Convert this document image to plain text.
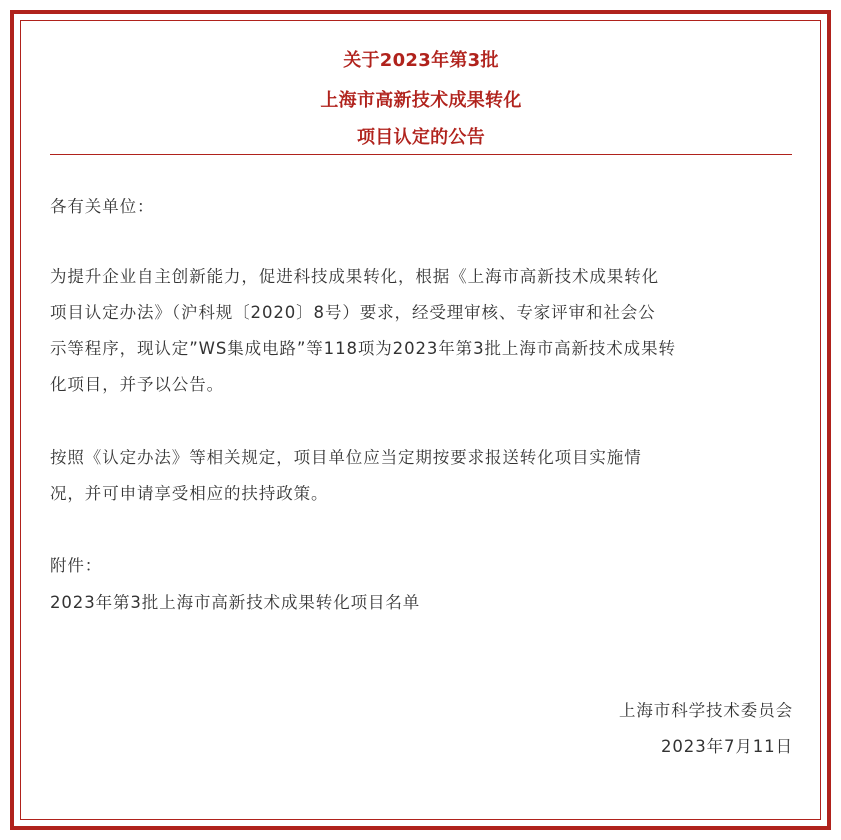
关于2023年第3批
上海市高新技术成果转化
项目认定的公告
各有关单位：
为提升企业自主创新能力，促进科技成果转化，根据《上海市高新技术成果转化
项目认定办法》（沪科规〔2020〕8号）要求，经受理审核、专家评审和社会公
示等程序，现认定”WS集成电路”等118项为2023年第3批上海市高新技术成果转
化项目，并予以公告。
按照《认定办法》等相关规定，项目单位应当定期按要求报送转化项目实施情
况，并可申请享受相应的扶持政策。
附件：
2023年第3批上海市高新技术成果转化项目名单
上海市科学技术委员会
2023年7月11日
